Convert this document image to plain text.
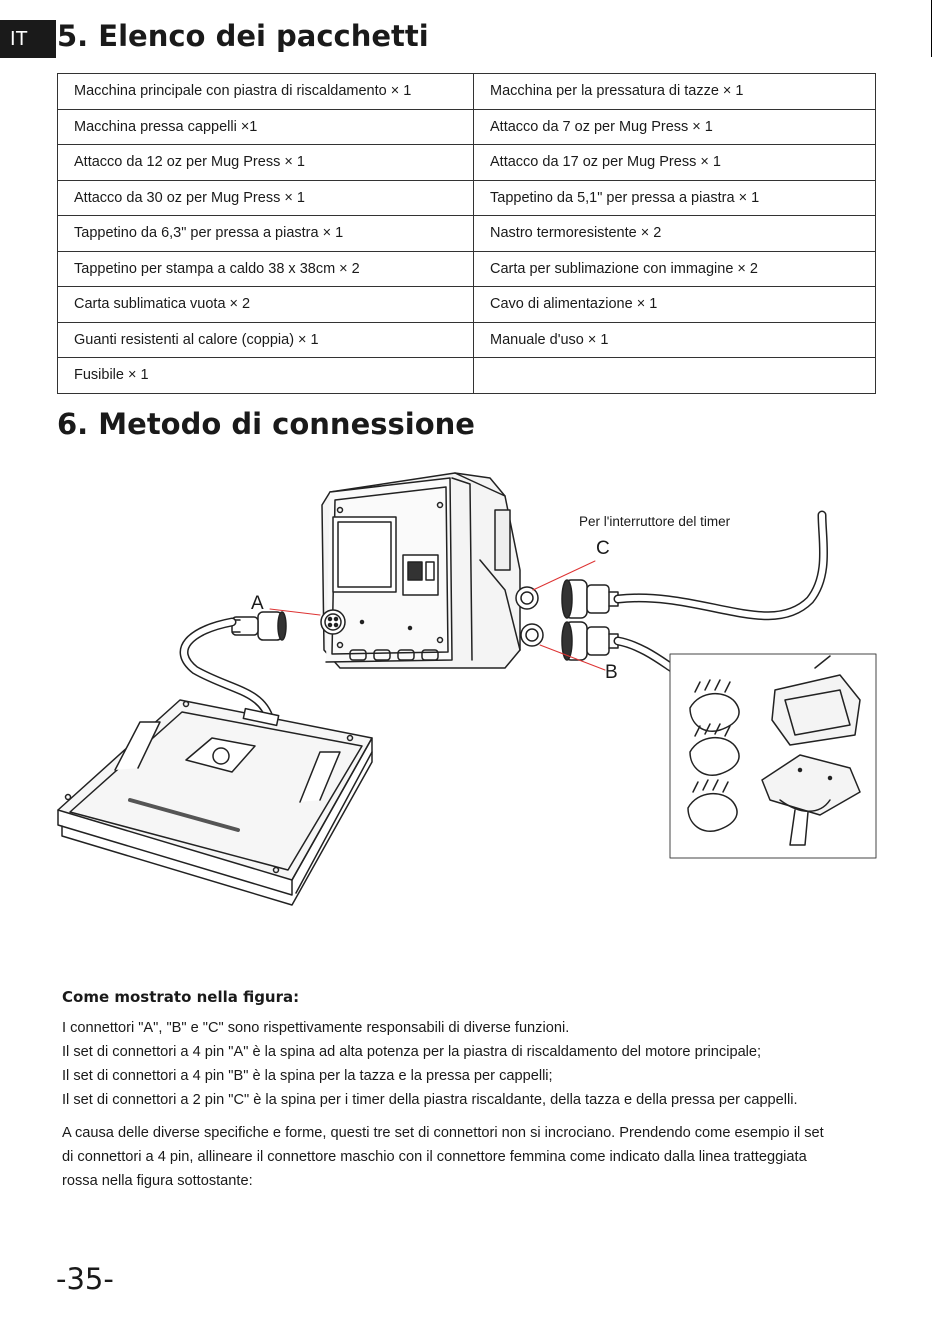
IT	5. Elenco dei pacchetti
Macchina principale con piastra di riscaldamento × 1	Macchina per la pressatura di tazze × 1
Macchina pressa cappelli ×1	Attacco da 7 oz per Mug Press × 1
Attacco da 12 oz per Mug Press × 1	Attacco da 17 oz per Mug Press × 1
Attacco da 30 oz per Mug Press × 1	Tappetino da 5,1" per pressa a piastra × 1
Tappetino da 6,3" per pressa a piastra × 1	Nastro termoresistente × 2
Tappetino per stampa a caldo 38 x 38cm × 2	Carta per sublimazione con immagine × 2
Carta sublimatica vuota × 2	Cavo di alimentazione × 1
Guanti resistenti al calore (coppia) × 1	Manuale d'uso × 1
Fusibile × 1	
6. Metodo di connessione
Per l'interruttore del timer
C
A
B
Come mostrato nella figura:

I connettori "A", "B" e "C" sono rispettivamente responsabili di diverse funzioni.

Il set di connettori a 4 pin "A" è la spina ad alta potenza per la piastra di riscaldamento del motore principale;

Il set di connettori a 4 pin "B" è la spina per la tazza e la pressa per cappelli;

Il set di connettori a 2 pin "C" è la spina per i timer della piastra riscaldante, della tazza e della pressa per cappelli.

A causa delle diverse specifiche e forme, questi tre set di connettori non si incrociano. Prendendo come esempio il set di connettori a 4 pin, allineare il connettore maschio con il connettore femmina come indicato dalla linea tratteggiata rossa nella figura sottostante:

-35-
